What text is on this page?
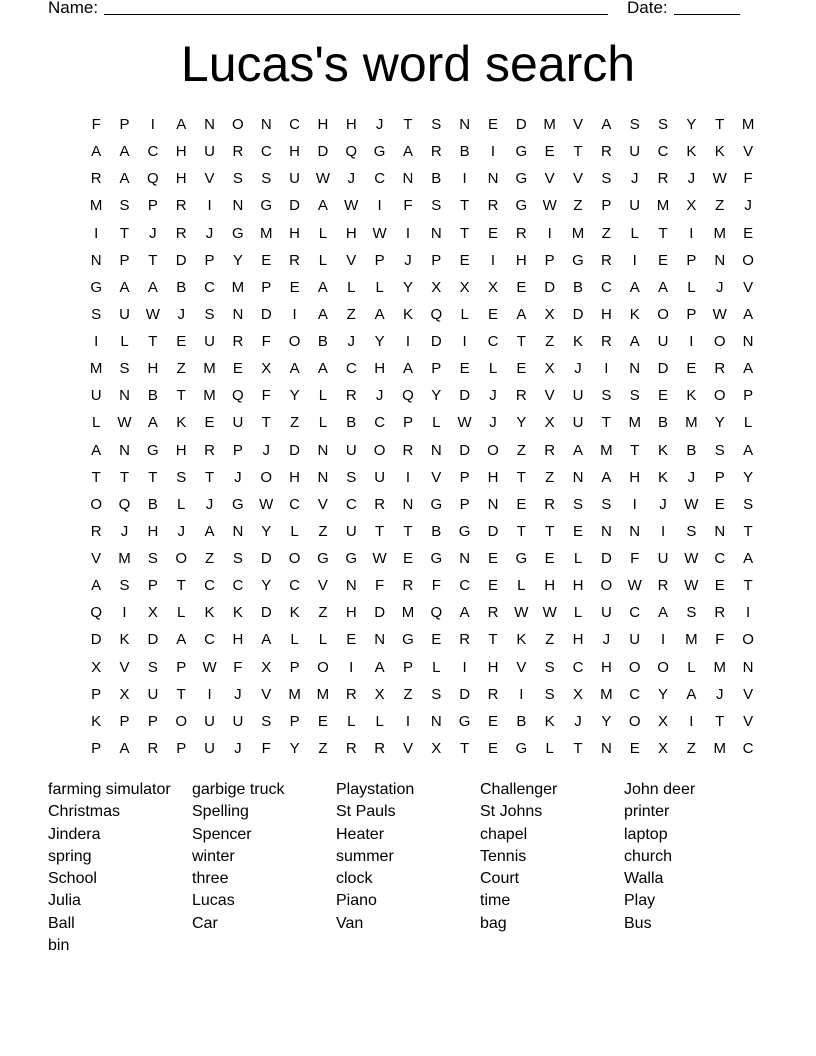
Name:	Date:
Lucas's word search
F	P	I	A	N	O	N	C	H	H	J	T	S	N	E	D	M	V	A	S	S	Y	T	M
A	A	C	H	U	R	C	H	D	Q	G	A	R	B	I	G	E	T	R	U	C	K	K	V
R	A	Q	H	V	S	S	U	W	J	C	N	B	I	N	G	V	V	S	J	R	J	W	F
M	S	P	R	I	N	G	D	A	W	I	F	S	T	R	G	W	Z	P	U	M	X	Z	J
I	T	J	R	J	G	M	H	L	H	W	I	N	T	E	R	I	M	Z	L	T	I	M	E
N	P	T	D	P	Y	E	R	L	V	P	J	P	E	I	H	P	G	R	I	E	P	N	O
G	A	A	B	C	M	P	E	A	L	L	Y	X	X	X	E	D	B	C	A	A	L	J	V
S	U	W	J	S	N	D	I	A	Z	A	K	Q	L	E	A	X	D	H	K	O	P	W	A
I	L	T	E	U	R	F	O	B	J	Y	I	D	I	C	T	Z	K	R	A	U	I	O	N
M	S	H	Z	M	E	X	A	A	C	H	A	P	E	L	E	X	J	I	N	D	E	R	A
U	N	B	T	M	Q	F	Y	L	R	J	Q	Y	D	J	R	V	U	S	S	E	K	O	P
L	W	A	K	E	U	T	Z	L	B	C	P	L	W	J	Y	X	U	T	M	B	M	Y	L
A	N	G	H	R	P	J	D	N	U	O	R	N	D	O	Z	R	A	M	T	K	B	S	A
T	T	T	S	T	J	O	H	N	S	U	I	V	P	H	T	Z	N	A	H	K	J	P	Y
O	Q	B	L	J	G	W	C	V	C	R	N	G	P	N	E	R	S	S	I	J	W	E	S
R	J	H	J	A	N	Y	L	Z	U	T	T	B	G	D	T	T	E	N	N	I	S	N	T
V	M	S	O	Z	S	D	O	G	G	W	E	G	N	E	G	E	L	D	F	U	W	C	A
A	S	P	T	C	C	Y	C	V	N	F	R	F	C	E	L	H	H	O	W	R	W	E	T
Q	I	X	L	K	K	D	K	Z	H	D	M	Q	A	R	W W	L	U	C	A	S	R	I
D	K	D	A	C	H	A	L	L	E	N	G	E	R	T	K	Z	H	J	U	I	M	F	O
X	V	S	P	W	F	X	P	O	I	A	P	L	I	H	V	S	C	H	O	O	L	M	N
P	X	U	T	I	J	V	M	M	R	X	Z	S	D	R	I	S	X	M	C	Y	A	J	V
K	P	P	O	U	U	S	P	E	L	L	I	N	G	E	B	K	J	Y	O	X	I	T	V
P	A	R	P	U	J	F	Y	Z	R	R	V	X	T	E	G	L	T	N	E	X	Z	M	C
farming simulator
Christmas
Jindera
spring
School
Julia
Ball
bin
garbige truck
Spelling
Spencer
winter
three
Lucas
Car
Playstation
St Pauls
Heater
summer
clock
Piano
Van
Challenger
St Johns
chapel
Tennis
Court
time
bag
John deer
printer
laptop
church
Walla
Play
Bus
